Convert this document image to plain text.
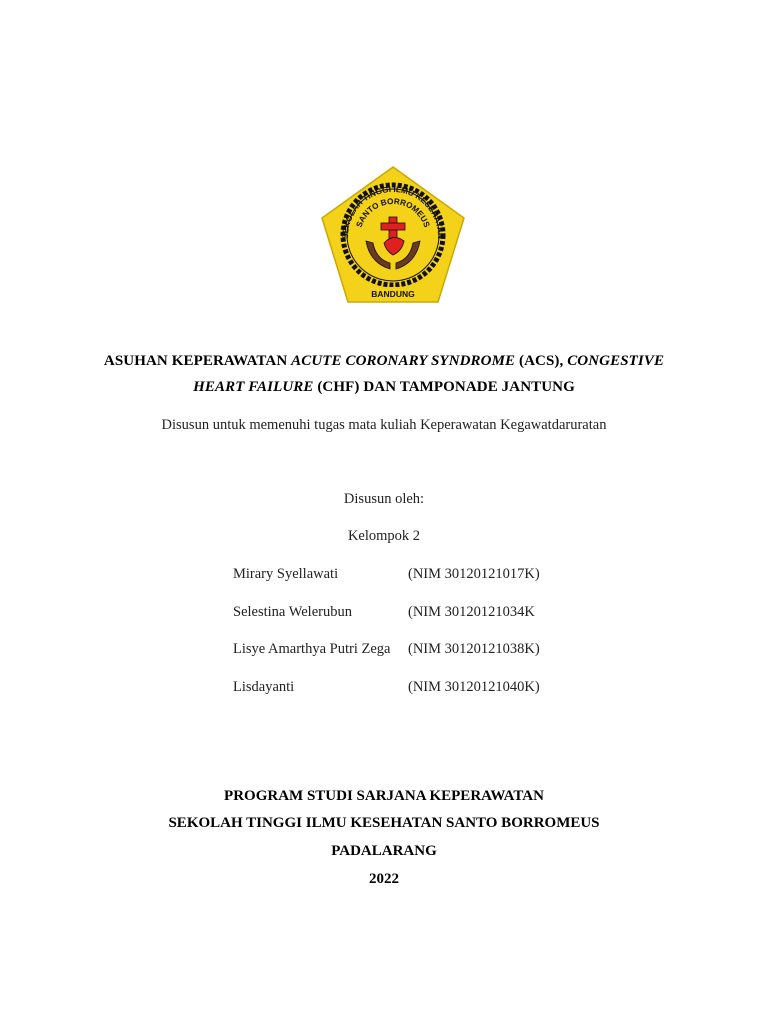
SEKOLAH TINGGI ILMU KESEHATAN
SANTO BORROMEUS
BANDUNG
ASUHAN KEPERAWATAN ACUTE CORONARY SYNDROME (ACS), CONGESTIVE
HEART FAILURE (CHF) DAN TAMPONADE JANTUNG
Disusun untuk memenuhi tugas mata kuliah Keperawatan Kegawatdaruratan
Disusun oleh:
Kelompok 2
Mirary Syellawati	(NIM 30120121017K)
Selestina Welerubun	(NIM 30120121034K
Lisye Amarthya Putri Zega	(NIM 30120121038K)
Lisdayanti	(NIM 30120121040K)
PROGRAM STUDI SARJANA KEPERAWATAN
SEKOLAH TINGGI ILMU KESEHATAN SANTO BORROMEUS
PADALARANG
2022
